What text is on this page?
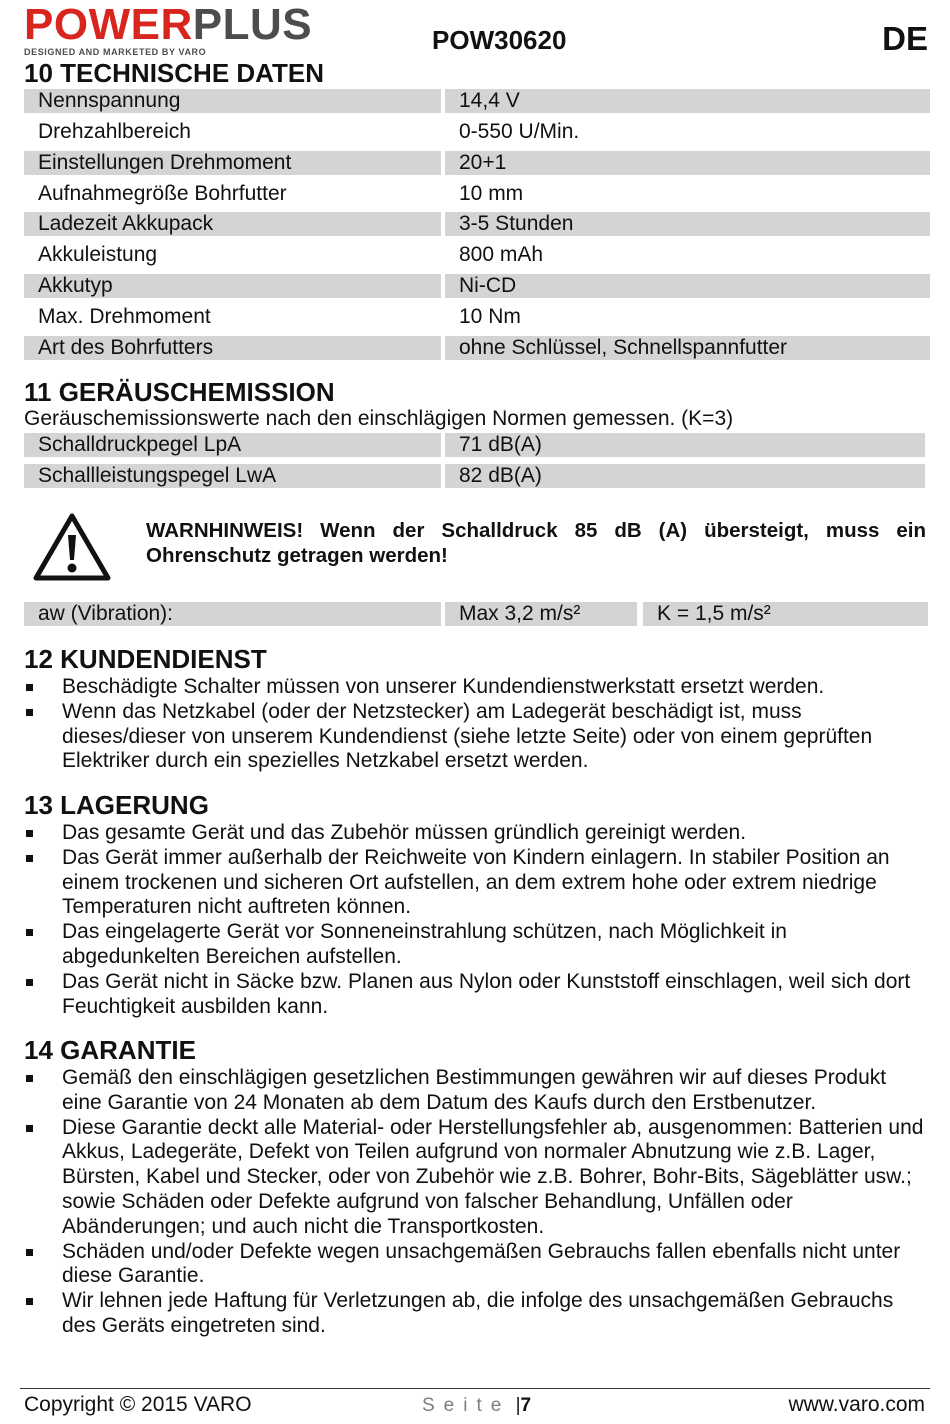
POWERPLUS
DESIGNED AND MARKETED BY VARO	POW30620	DE
10 TECHNISCHE DATEN
Nennspannung	14,4 V
Drehzahlbereich	0-550 U/Min.
Einstellungen Drehmoment	20+1
Aufnahmegröße Bohrfutter	10 mm
Ladezeit Akkupack	3-5 Stunden
Akkuleistung	800 mAh
Akkutyp	Ni-CD
Max. Drehmoment	10 Nm
Art des Bohrfutters	ohne Schlüssel, Schnellspannfutter
11 GERÄUSCHEMISSION
Geräuschemissionswerte nach den einschlägigen Normen gemessen. (K=3)
Schalldruckpegel LpA	71 dB(A)
Schallleistungspegel LwA	82 dB(A)
WARNHINWEIS! Wenn der Schalldruck 85 dB (A) übersteigt, muss ein Ohrenschutz getragen werden!
aw (Vibration):	Max 3,2 m/s²	K = 1,5 m/s²
12 KUNDENDIENST
Beschädigte Schalter müssen von unserer Kundendienstwerkstatt ersetzt werden.
Wenn das Netzkabel (oder der Netzstecker) am Ladegerät beschädigt ist, muss dieses/dieser von unserem Kundendienst (siehe letzte Seite) oder von einem geprüften Elektriker durch ein spezielles Netzkabel ersetzt werden.
13 LAGERUNG
Das gesamte Gerät und das Zubehör müssen gründlich gereinigt werden.
Das Gerät immer außerhalb der Reichweite von Kindern einlagern. In stabiler Position an einem trockenen und sicheren Ort aufstellen, an dem extrem hohe oder extrem niedrige Temperaturen nicht auftreten können.
Das eingelagerte Gerät vor Sonneneinstrahlung schützen, nach Möglichkeit in abgedunkelten Bereichen aufstellen.
Das Gerät nicht in Säcke bzw. Planen aus Nylon oder Kunststoff einschlagen, weil sich dort Feuchtigkeit ausbilden kann.
14 GARANTIE
Gemäß den einschlägigen gesetzlichen Bestimmungen gewähren wir auf dieses Produkt eine Garantie von 24 Monaten ab dem Datum des Kaufs durch den Erstbenutzer.
Diese Garantie deckt alle Material- oder Herstellungsfehler ab, ausgenommen: Batterien und Akkus, Ladegeräte, Defekt von Teilen aufgrund von normaler Abnutzung wie z.B. Lager, Bürsten, Kabel und Stecker, oder von Zubehör wie z.B. Bohrer, Bohr-Bits, Sägeblätter usw.; sowie Schäden oder Defekte aufgrund von falscher Behandlung, Unfällen oder Abänderungen; und auch nicht die Transportkosten.
Schäden und/oder Defekte wegen unsachgemäßen Gebrauchs fallen ebenfalls nicht unter diese Garantie.
Wir lehnen jede Haftung für Verletzungen ab, die infolge des unsachgemäßen Gebrauchs des Geräts eingetreten sind.
Copyright © 2015 VARO	Seite |7	www.varo.com
